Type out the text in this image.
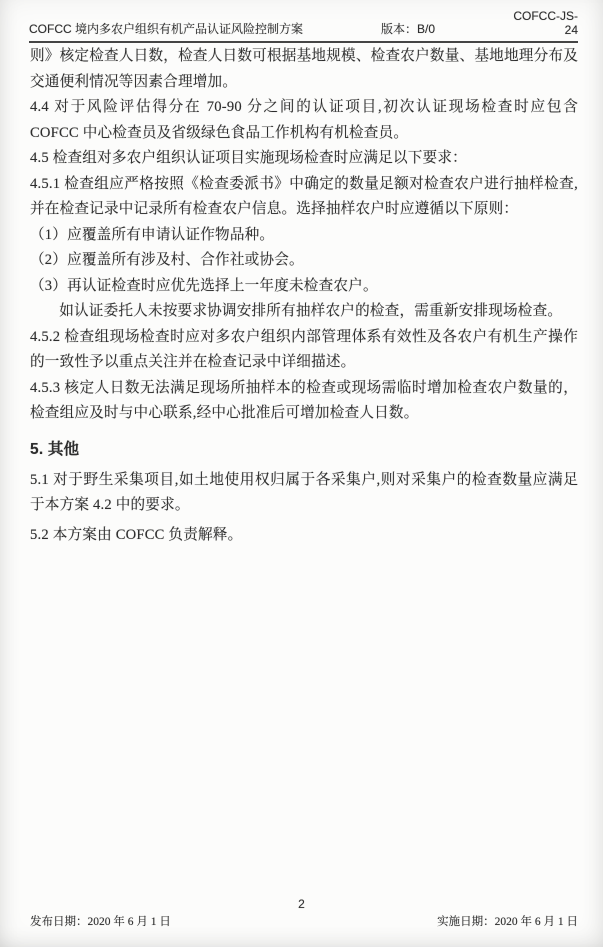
COFCC 境内多农户组织有机产品认证风险控制方案	版本：B/0
COFCC-JS-24

则》核定检查人日数，检查人日数可根据基地规模、检查农户数量、基地地理分布及交通便利情况等因素合理增加。

4.4 对于风险评估得分在 70-90 分之间的认证项目,初次认证现场检查时应包含 COFCC 中心检查员及省级绿色食品工作机构有机检查员。

4.5 检查组对多农户组织认证项目实施现场检查时应满足以下要求：

4.5.1 检查组应严格按照《检查委派书》中确定的数量足额对检查农户进行抽样检查,并在检查记录中记录所有检查农户信息。选择抽样农户时应遵循以下原则：

（1）应覆盖所有申请认证作物品种。

（2）应覆盖所有涉及村、合作社或协会。

（3）再认证检查时应优先选择上一年度未检查农户。

如认证委托人未按要求协调安排所有抽样农户的检查，需重新安排现场检查。

4.5.2 检查组现场检查时应对多农户组织内部管理体系有效性及各农户有机生产操作的一致性予以重点关注并在检查记录中详细描述。

4.5.3 核定人日数无法满足现场所抽样本的检查或现场需临时增加检查农户数量的，检查组应及时与中心联系,经中心批准后可增加检查人日数。

5. 其他

5.1 对于野生采集项目,如土地使用权归属于各采集户,则对采集户的检查数量应满足于本方案 4.2 中的要求。

5.2 本方案由 COFCC 负责解释。

2
发布日期：2020 年 6 月 1 日	实施日期：2020 年 6 月 1 日
